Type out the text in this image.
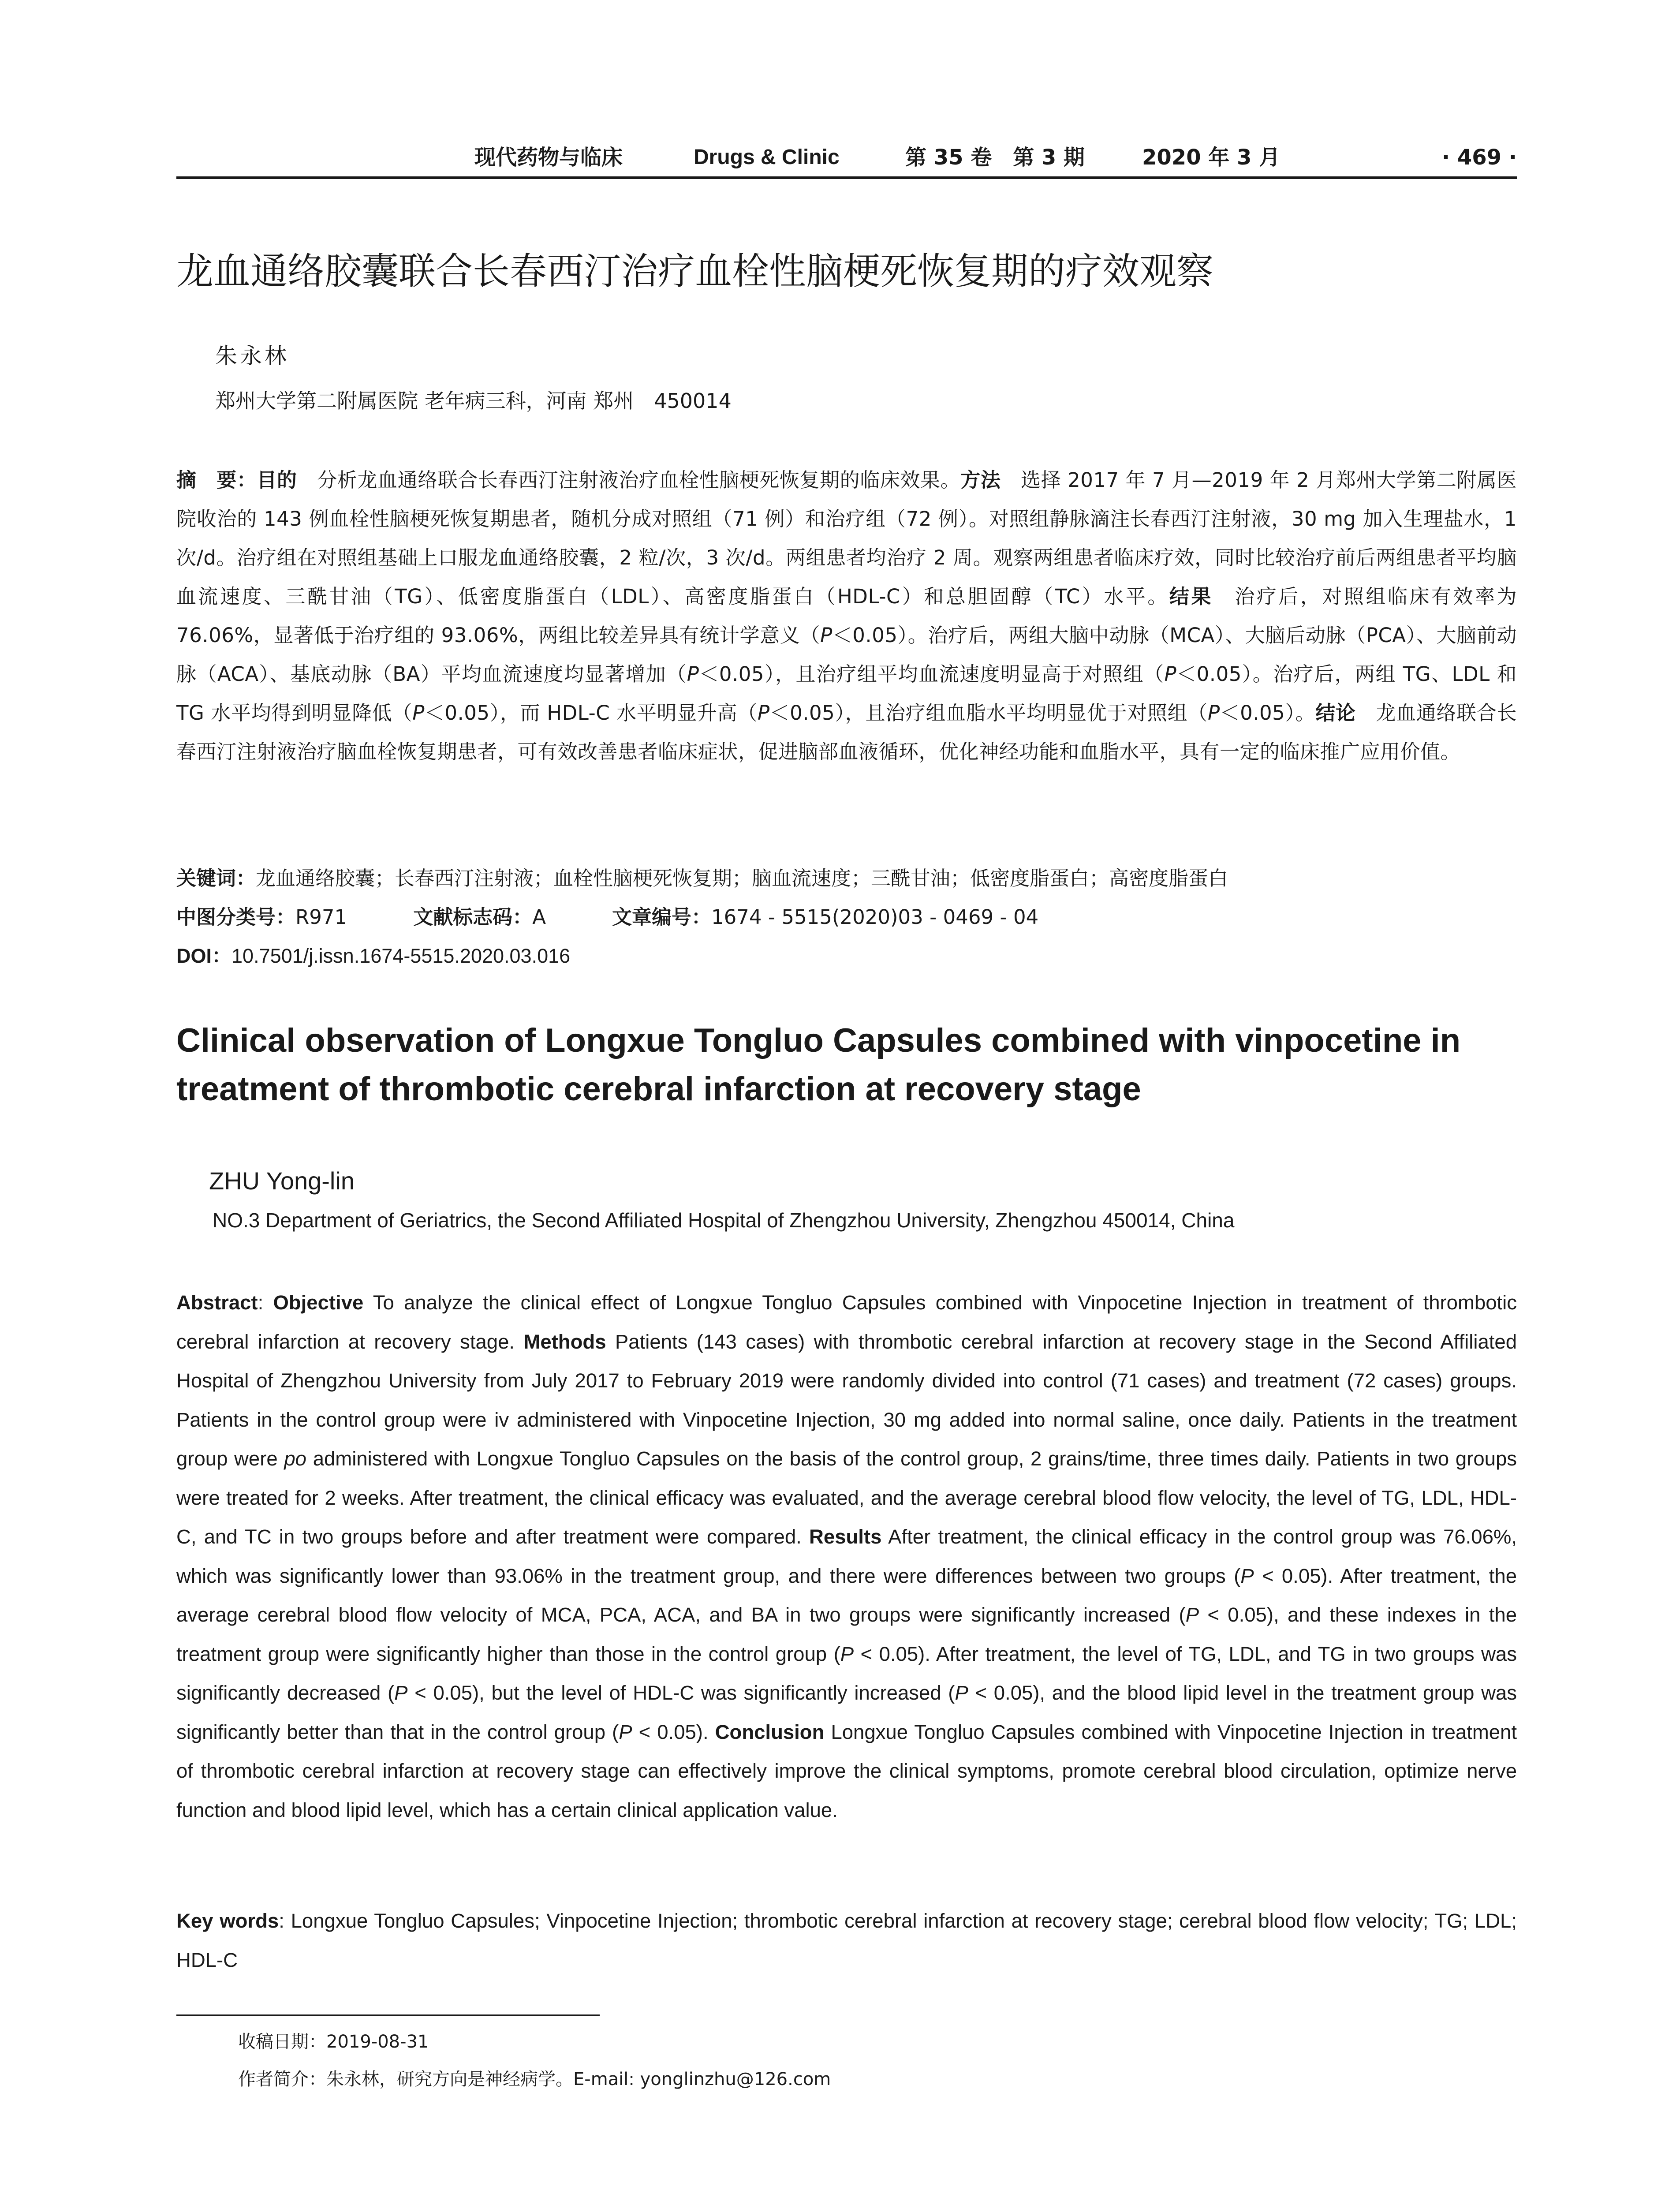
现代药物与临床	Drugs & Clinic	第 35 卷　第 3 期	2020 年 3 月	· 469 ·
龙血通络胶囊联合长春西汀治疗血栓性脑梗死恢复期的疗效观察
朱永林
郑州大学第二附属医院 老年病三科，河南 郑州　450014
摘　要：目的　分析龙血通络联合长春西汀注射液治疗血栓性脑梗死恢复期的临床效果。方法　选择 2017 年 7 月—2019 年 2 月郑州大学第二附属医院收治的 143 例血栓性脑梗死恢复期患者，随机分成对照组（71 例）和治疗组（72 例）。对照组静脉滴注长春西汀注射液，30 mg 加入生理盐水，1 次/d。治疗组在对照组基础上口服龙血通络胶囊，2 粒/次，3 次/d。两组患者均治疗 2 周。观察两组患者临床疗效，同时比较治疗前后两组患者平均脑血流速度、三酰甘油（TG）、低密度脂蛋白（LDL）、高密度脂蛋白（HDL-C）和总胆固醇（TC）水平。结果　治疗后，对照组临床有效率为 76.06%，显著低于治疗组的 93.06%，两组比较差异具有统计学意义（P＜0.05）。治疗后，两组大脑中动脉（MCA）、大脑后动脉（PCA）、大脑前动脉（ACA）、基底动脉（BA）平均血流速度均显著增加（P＜0.05），且治疗组平均血流速度明显高于对照组（P＜0.05）。治疗后，两组 TG、LDL 和 TG 水平均得到明显降低（P＜0.05），而 HDL-C 水平明显升高（P＜0.05），且治疗组血脂水平均明显优于对照组（P＜0.05）。结论　龙血通络联合长春西汀注射液治疗脑血栓恢复期患者，可有效改善患者临床症状，促进脑部血液循环，优化神经功能和血脂水平，具有一定的临床推广应用价值。
关键词：龙血通络胶囊；长春西汀注射液；血栓性脑梗死恢复期；脑血流速度；三酰甘油；低密度脂蛋白；高密度脂蛋白
中图分类号：R971	文献标志码：A	文章编号：1674 - 5515(2020)03 - 0469 - 04
DOI：10.7501/j.issn.1674-5515.2020.03.016
Clinical observation of Longxue Tongluo Capsules combined with vinpocetine in treatment of thrombotic cerebral infarction at recovery stage
ZHU Yong-lin
NO.3 Department of Geriatrics, the Second Affiliated Hospital of Zhengzhou University, Zhengzhou 450014, China
Abstract: Objective To analyze the clinical effect of Longxue Tongluo Capsules combined with Vinpocetine Injection in treatment of thrombotic cerebral infarction at recovery stage. Methods Patients (143 cases) with thrombotic cerebral infarction at recovery stage in the Second Affiliated Hospital of Zhengzhou University from July 2017 to February 2019 were randomly divided into control (71 cases) and treatment (72 cases) groups. Patients in the control group were iv administered with Vinpocetine Injection, 30 mg added into normal saline, once daily. Patients in the treatment group were po administered with Longxue Tongluo Capsules on the basis of the control group, 2 grains/time, three times daily. Patients in two groups were treated for 2 weeks. After treatment, the clinical efficacy was evaluated, and the average cerebral blood flow velocity, the level of TG, LDL, HDL-C, and TC in two groups before and after treatment were compared. Results After treatment, the clinical efficacy in the control group was 76.06%, which was significantly lower than 93.06% in the treatment group, and there were differences between two groups (P < 0.05). After treatment, the average cerebral blood flow velocity of MCA, PCA, ACA, and BA in two groups were significantly increased (P < 0.05), and these indexes in the treatment group were significantly higher than those in the control group (P < 0.05). After treatment, the level of TG, LDL, and TG in two groups was significantly decreased (P < 0.05), but the level of HDL-C was significantly increased (P < 0.05), and the blood lipid level in the treatment group was significantly better than that in the control group (P < 0.05). Conclusion Longxue Tongluo Capsules combined with Vinpocetine Injection in treatment of thrombotic cerebral infarction at recovery stage can effectively improve the clinical symptoms, promote cerebral blood circulation, optimize nerve function and blood lipid level, which has a certain clinical application value.
Key words: Longxue Tongluo Capsules; Vinpocetine Injection; thrombotic cerebral infarction at recovery stage; cerebral blood flow velocity; TG; LDL; HDL-C
收稿日期：2019-08-31
作者简介：朱永林，研究方向是神经病学。E-mail: yonglinzhu@126.com
